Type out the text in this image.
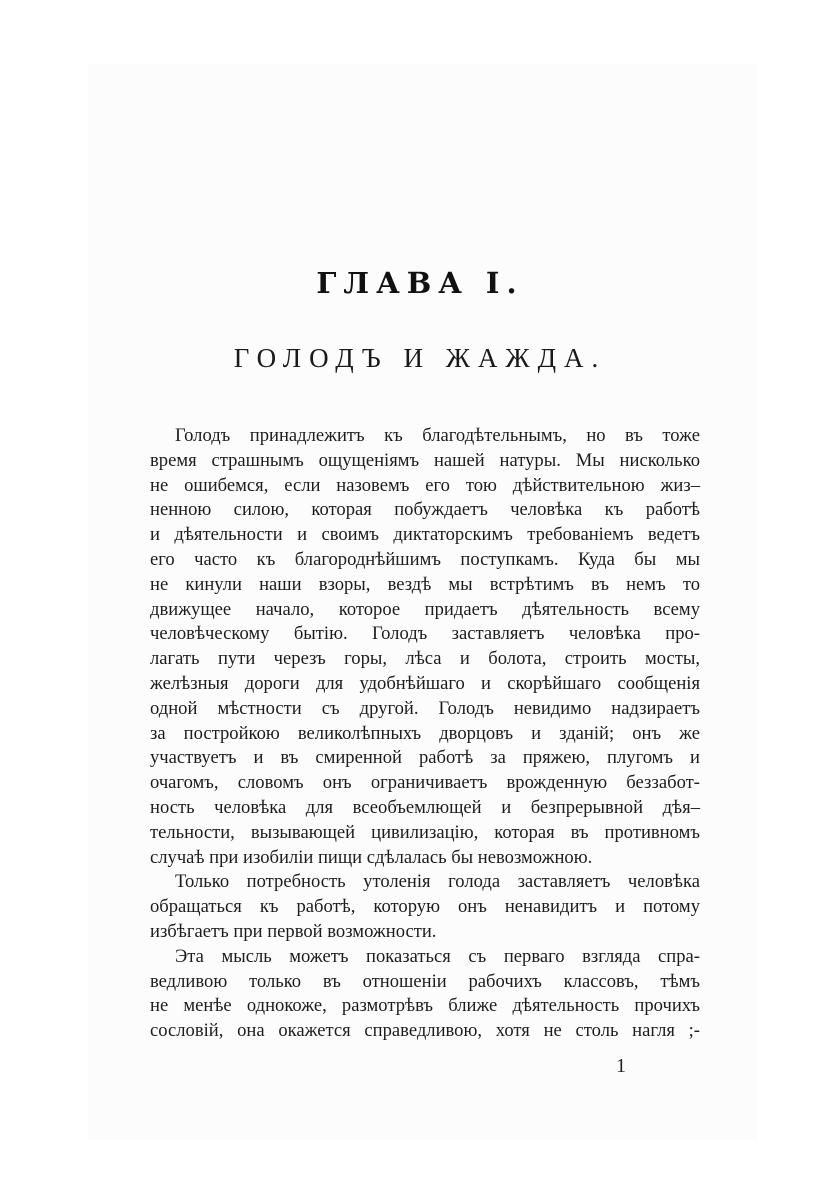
ГЛАВА I.
ГОЛОДЪ И ЖАЖДА.
Голодъ принадлежитъ къ благодѣтельнымъ, но въ тоже
время страшнымъ ощущеніямъ нашей натуры. Мы нисколько
не ошибемся, если назовемъ его тою дѣйствительною жиз–
ненною силою, которая побуждаетъ человѣка къ работѣ
и дѣятельности и своимъ диктаторскимъ требованіемъ ведетъ
его часто къ благороднѣйшимъ поступкамъ. Куда бы мы
не кинули наши взоры, вездѣ мы встрѣтимъ въ немъ то
движущее начало, которое придаетъ дѣятельность всему
человѣческому бытію. Голодъ заставляетъ человѣка про-
лагать пути черезъ горы, лѣса и болота, строить мосты,
желѣзныя дороги для удобнѣйшаго и скорѣйшаго сообщенія
одной мѣстности съ другой. Голодъ невидимо надзираетъ
за постройкою великолѣпныхъ дворцовъ и зданій; онъ же
участвуетъ и въ смиренной работѣ за пряжею, плугомъ и
очагомъ, словомъ онъ ограничиваетъ врожденную беззабот-
ность человѣка для всеобъемлющей и безпрерывной дѣя–
тельности, вызывающей цивилизацію, которая въ противномъ
случаѣ при изобиліи пищи сдѣлалась бы невозможною.
Только потребность утоленія голода заставляетъ человѣка
обращаться къ работѣ, которую онъ ненавидитъ и потому
избѣгаетъ при первой возможности.
Эта мысль можетъ показаться съ перваго взгляда спра-
ведливою только въ отношеніи рабочихъ классовъ, тѣмъ
не менѣе однокоже, размотрѣвъ ближе дѣятельность прочихъ
сословій, она окажется справедливою, хотя не столь нагля ;-
1
